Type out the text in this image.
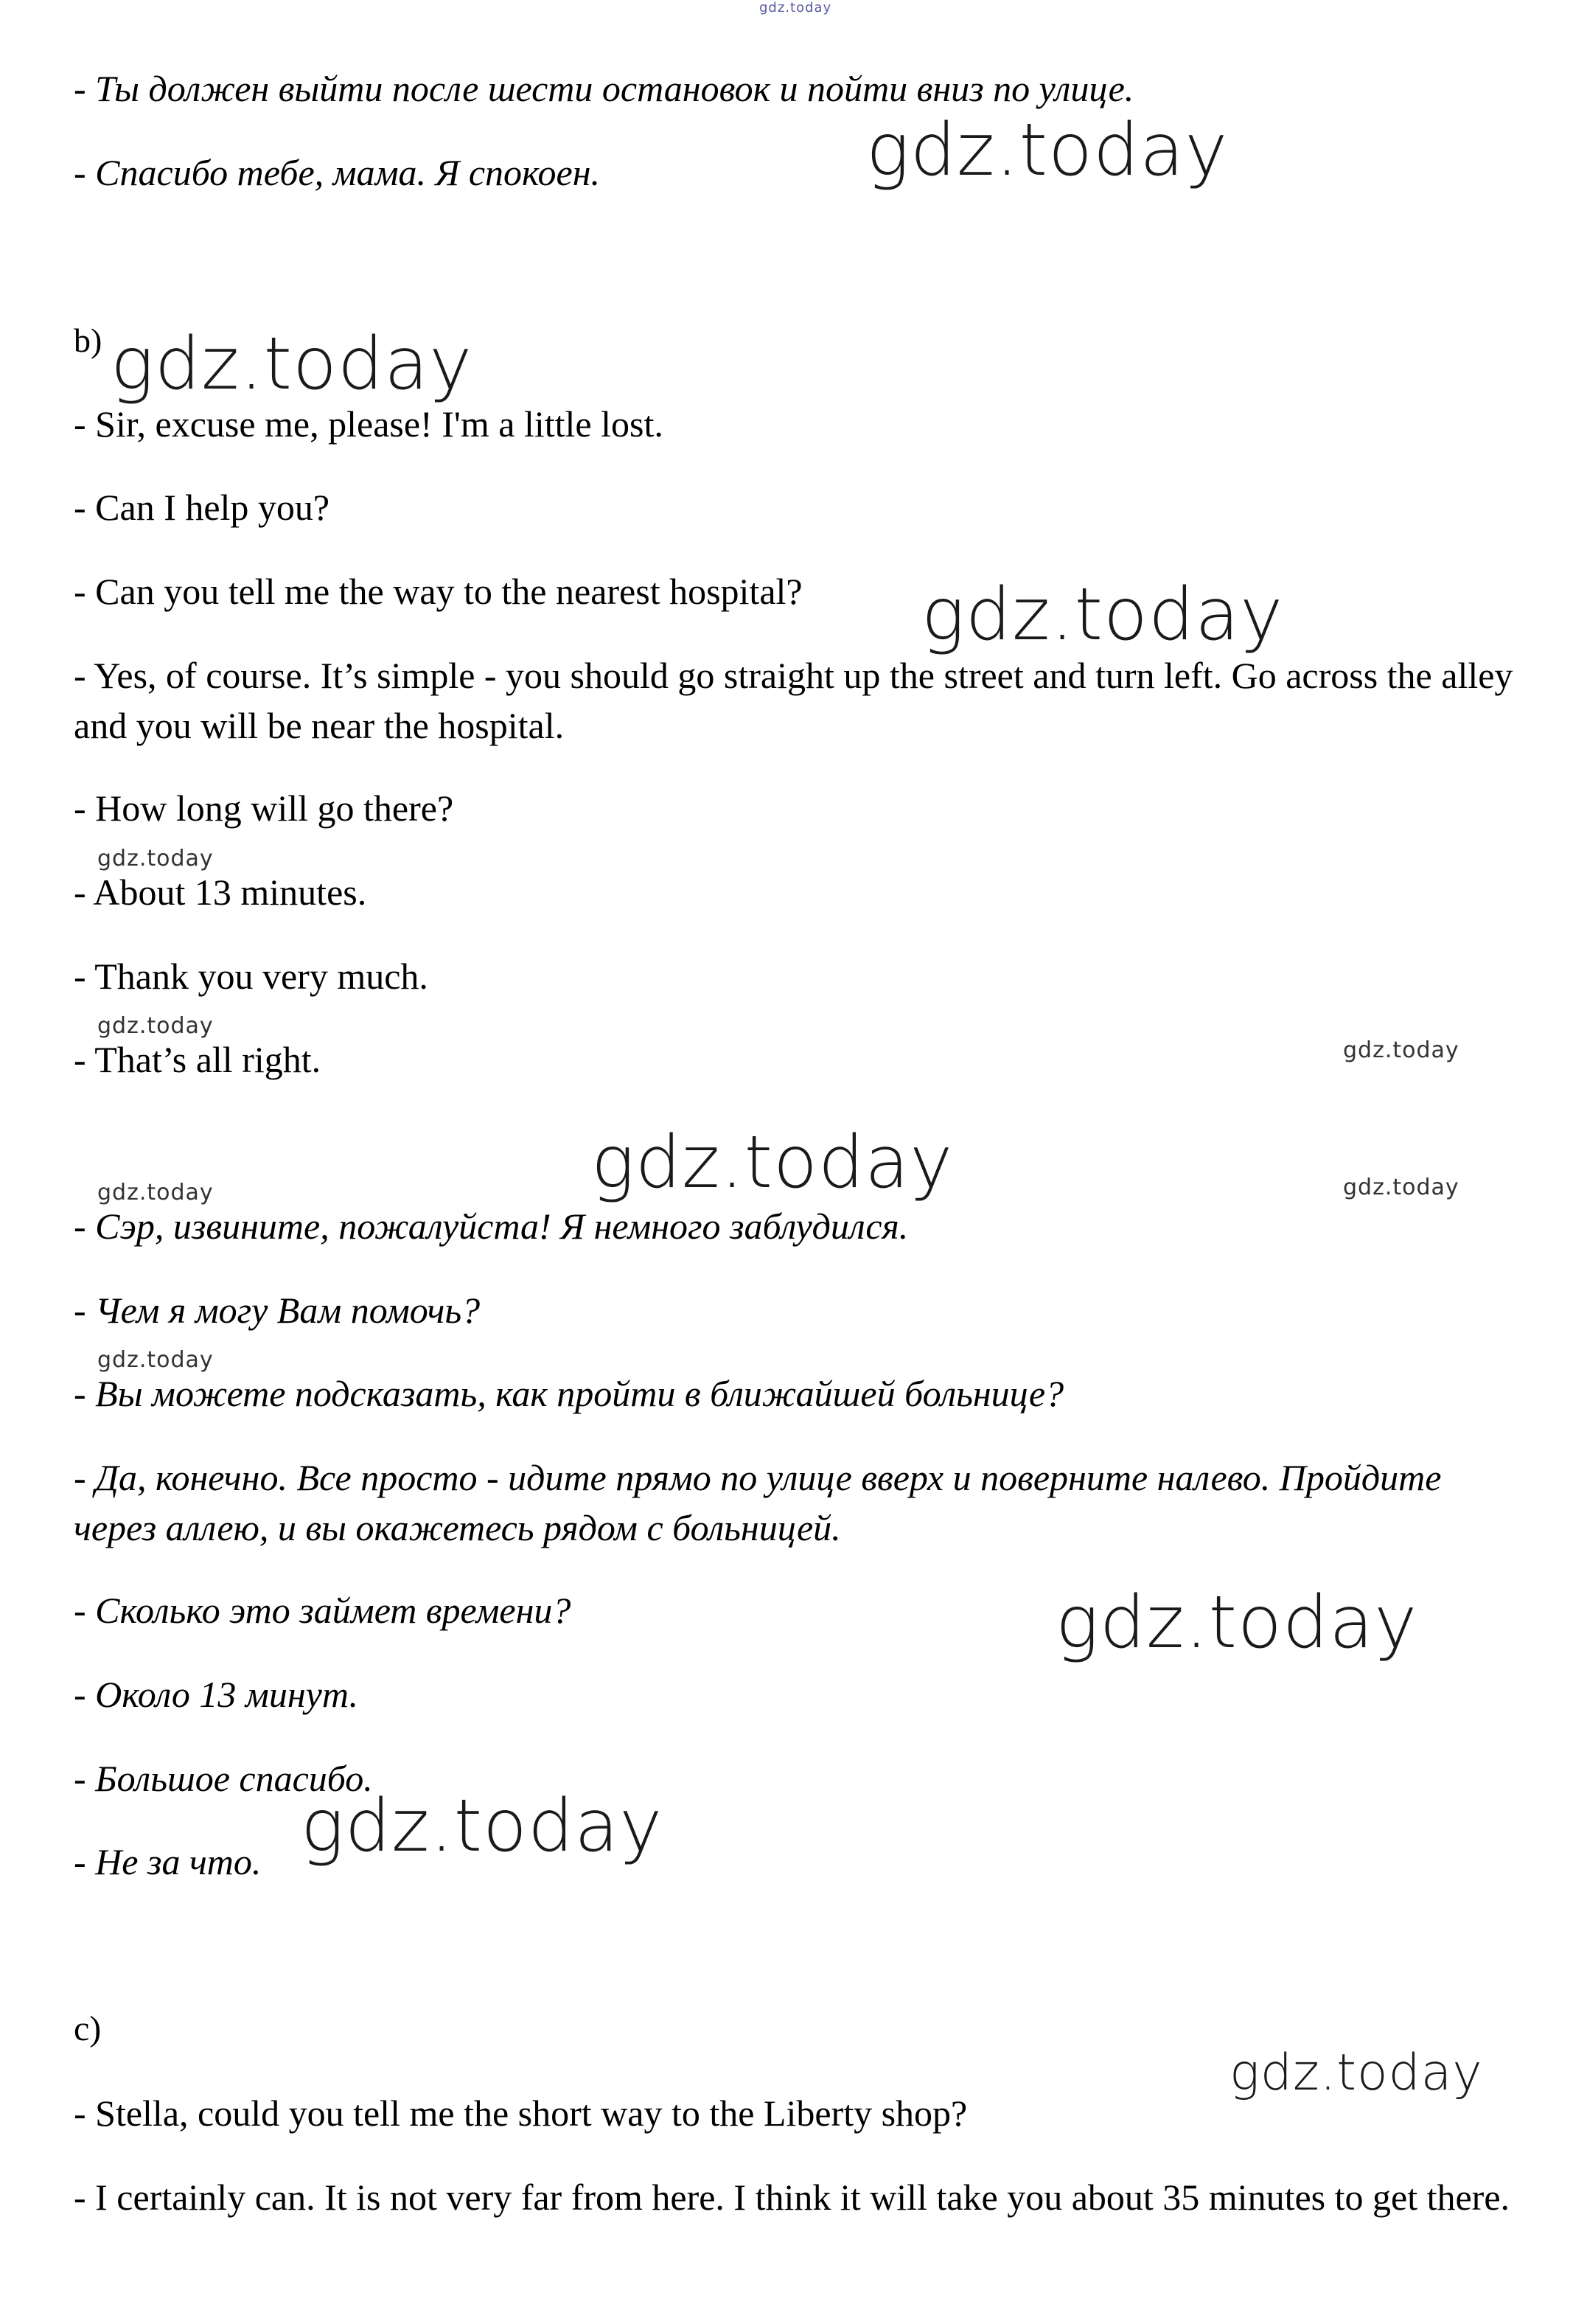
gdz.today
- Ты должен выйти после шести остановок и пойти вниз по улице.
- Спасибо тебе, мама. Я спокоен.	gdz.today
b) gdz.today
- Sir, excuse me, please! I'm a little lost.
- Can I help you?
- Can you tell me the way to the nearest hospital? gdz.today
- Yes, of course. It’s simple - you should go straight up the street and turn left. Go across the alley and you will be near the hospital.
- How long will go there?
gdz.today
- About 13 minutes.
- Thank you very much.
gdz.today
- That’s all right.	gdz.today
gdz.today
gdz.today	gdz.today
- Сэр, извините, пожалуйста! Я немного заблудился.
- Чем я могу Вам помочь?
gdz.today
- Вы можете подсказать, как пройти в ближайшей больнице?
- Да, конечно. Все просто - идите прямо по улице вверх и поверните налево. Пройдите через аллею, и вы окажетесь рядом с больницей.
- Сколько это займет времени?	gdz.today
- Около 13 минут.
- Большое спасибо.
- Не за что. gdz.today
c)
gdz.today
- Stella, could you tell me the short way to the Liberty shop?
- I certainly can. It is not very far from here. I think it will take you about 35 minutes to get there.
